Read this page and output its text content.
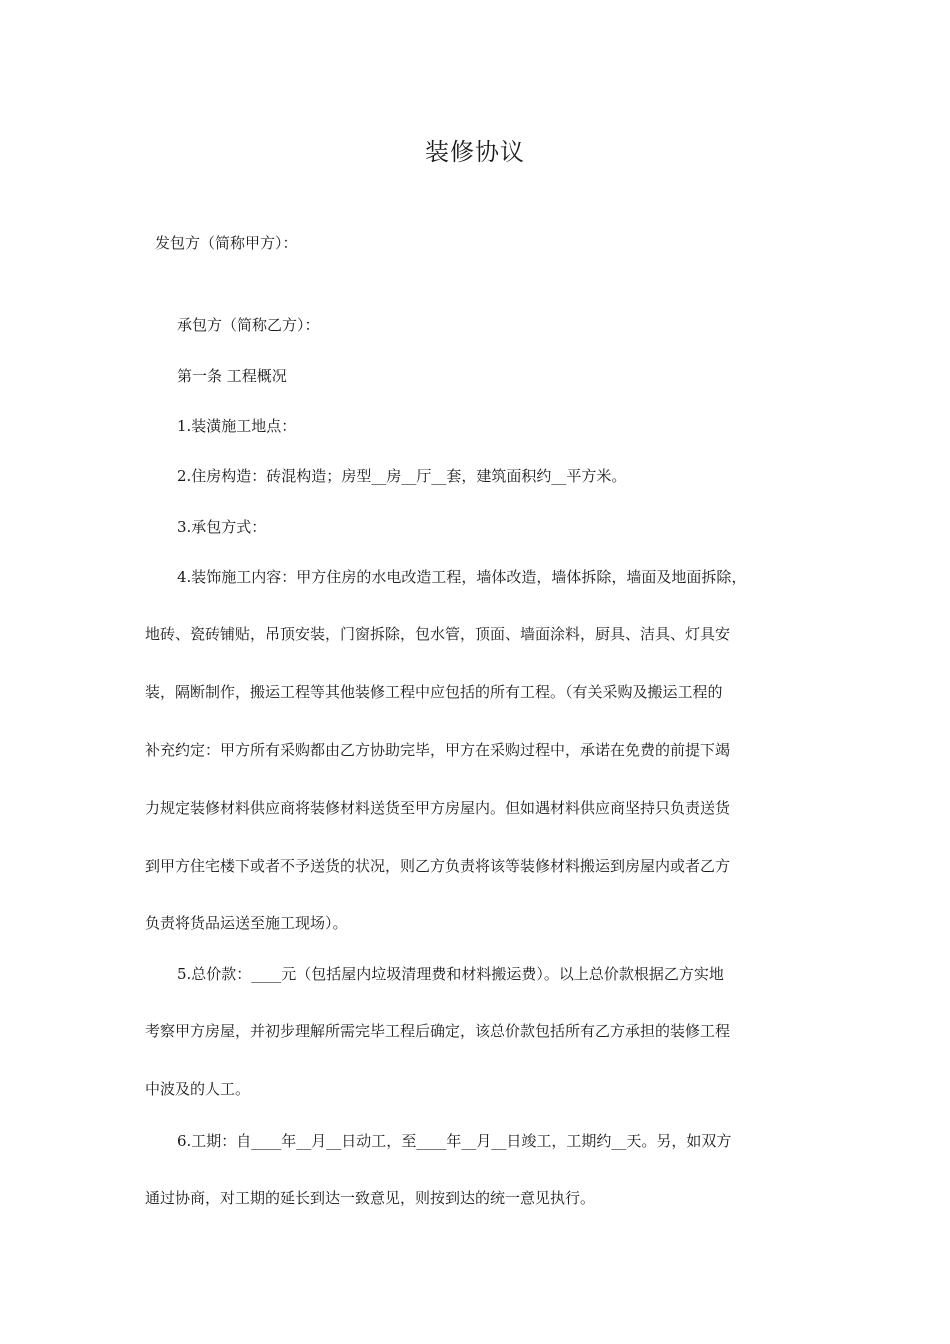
装修协议
发包方（简称甲方）：
承包方（简称乙方）：
第一条 工程概况
1.装潢施工地点：
2.住房构造：砖混构造；房型__房__厅__套，建筑面积约__平方米。
3.承包方式：
4.装饰施工内容：甲方住房的水电改造工程，墙体改造，墙体拆除，墙面及地面拆除，
地砖、瓷砖铺贴，吊顶安装，门窗拆除，包水管，顶面、墙面涂料，厨具、洁具、灯具安
装，隔断制作，搬运工程等其他装修工程中应包括的所有工程。（有关采购及搬运工程的
补充约定：甲方所有采购都由乙方协助完毕，甲方在采购过程中，承诺在免费的前提下竭
力规定装修材料供应商将装修材料送货至甲方房屋内。但如遇材料供应商坚持只负责送货
到甲方住宅楼下或者不予送货的状况，则乙方负责将该等装修材料搬运到房屋内或者乙方
负责将货品运送至施工现场）。
5.总价款：____元（包括屋内垃圾清理费和材料搬运费）。以上总价款根据乙方实地
考察甲方房屋，并初步理解所需完毕工程后确定，该总价款包括所有乙方承担的装修工程
中波及的人工。
6.工期：自____年__月__日动工，至____年__月__日竣工，工期约__天。另，如双方
通过协商，对工期的延长到达一致意见，则按到达的统一意见执行。
